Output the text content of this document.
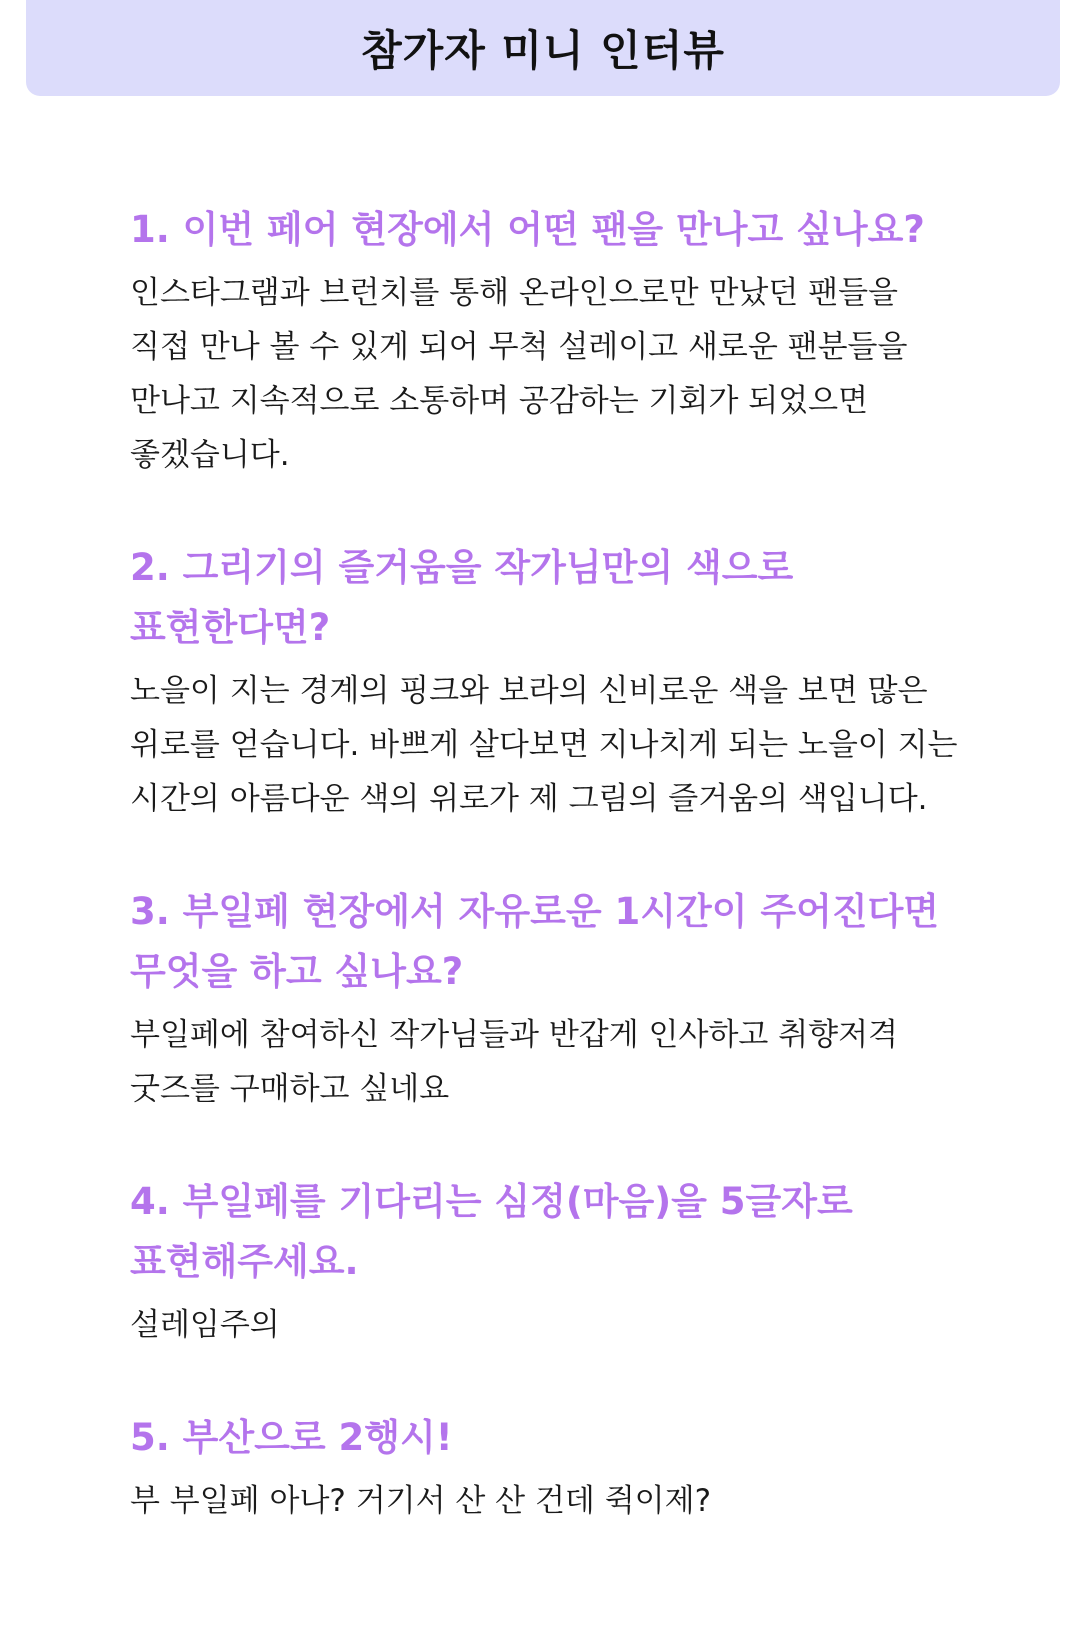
참가자 미니 인터뷰

1. 이번 페어 현장에서 어떤 팬을 만나고 싶나요?

인스타그램과 브런치를 통해 온라인으로만 만났던 팬들을 직접 만나 볼 수 있게 되어 무척 설레이고 새로운 팬분들을 만나고 지속적으로 소통하며 공감하는 기회가 되었으면 좋겠습니다.

2. 그리기의 즐거움을 작가님만의 색으로 표현한다면?

노을이 지는 경계의 핑크와 보라의 신비로운 색을 보면 많은 위로를 얻습니다. 바쁘게 살다보면 지나치게 되는 노을이 지는 시간의 아름다운 색의 위로가 제 그림의 즐거움의 색입니다.

3. 부일페 현장에서 자유로운 1시간이 주어진다면 무엇을 하고 싶나요?

부일페에 참여하신 작가님들과 반갑게 인사하고 취향저격 굿즈를 구매하고 싶네요

4. 부일페를 기다리는 심정(마음)을 5글자로 표현해주세요.

설레임주의

5. 부산으로 2행시!

부 부일페 아나? 거기서 산 산 건데 쥑이제?
